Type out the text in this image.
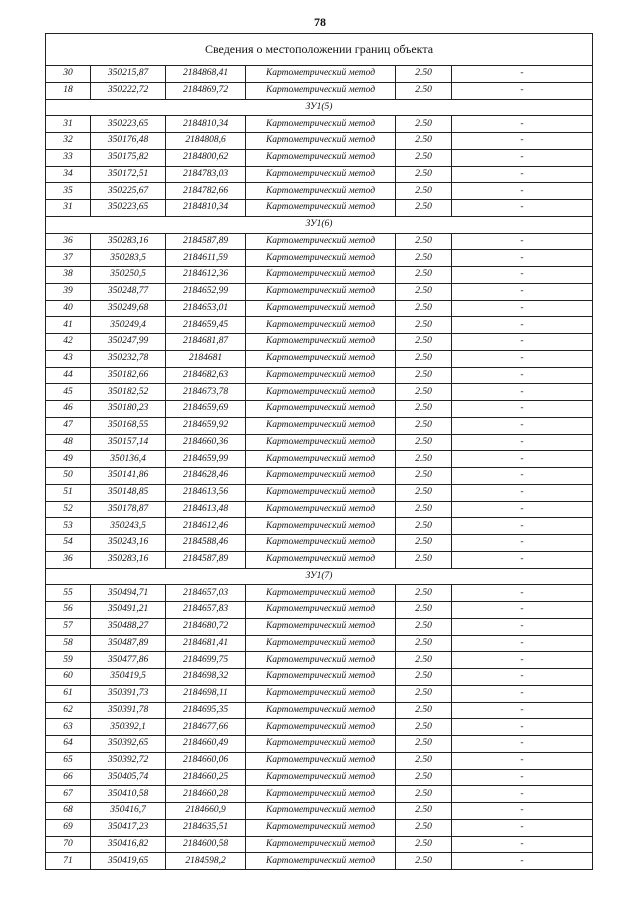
78
Сведения о местоположении границ объекта					
30	350215,87	2184868,41	Картометрический метод	2.50	-
18	350222,72	2184869,72	Картометрический метод	2.50	-
ЗУ1(5)					
31	350223,65	2184810,34	Картометрический метод	2.50	-
32	350176,48	2184808,6	Картометрический метод	2.50	-
33	350175,82	2184800,62	Картометрический метод	2.50	-
34	350172,51	2184783,03	Картометрический метод	2.50	-
35	350225,67	2184782,66	Картометрический метод	2.50	-
31	350223,65	2184810,34	Картометрический метод	2.50	-
ЗУ1(6)					
36	350283,16	2184587,89	Картометрический метод	2.50	-
37	350283,5	2184611,59	Картометрический метод	2.50	-
38	350250,5	2184612,36	Картометрический метод	2.50	-
39	350248,77	2184652,99	Картометрический метод	2.50	-
40	350249,68	2184653,01	Картометрический метод	2.50	-
41	350249,4	2184659,45	Картометрический метод	2.50	-
42	350247,99	2184681,87	Картометрический метод	2.50	-
43	350232,78	2184681	Картометрический метод	2.50	-
44	350182,66	2184682,63	Картометрический метод	2.50	-
45	350182,52	2184673,78	Картометрический метод	2.50	-
46	350180,23	2184659,69	Картометрический метод	2.50	-
47	350168,55	2184659,92	Картометрический метод	2.50	-
48	350157,14	2184660,36	Картометрический метод	2.50	-
49	350136,4	2184659,99	Картометрический метод	2.50	-
50	350141,86	2184628,46	Картометрический метод	2.50	-
51	350148,85	2184613,56	Картометрический метод	2.50	-
52	350178,87	2184613,48	Картометрический метод	2.50	-
53	350243,5	2184612,46	Картометрический метод	2.50	-
54	350243,16	2184588,46	Картометрический метод	2.50	-
36	350283,16	2184587,89	Картометрический метод	2.50	-
ЗУ1(7)					
55	350494,71	2184657,03	Картометрический метод	2.50	-
56	350491,21	2184657,83	Картометрический метод	2.50	-
57	350488,27	2184680,72	Картометрический метод	2.50	-
58	350487,89	2184681,41	Картометрический метод	2.50	-
59	350477,86	2184699,75	Картометрический метод	2.50	-
60	350419,5	2184698,32	Картометрический метод	2.50	-
61	350391,73	2184698,11	Картометрический метод	2.50	-
62	350391,78	2184695,35	Картометрический метод	2.50	-
63	350392,1	2184677,66	Картометрический метод	2.50	-
64	350392,65	2184660,49	Картометрический метод	2.50	-
65	350392,72	2184660,06	Картометрический метод	2.50	-
66	350405,74	2184660,25	Картометрический метод	2.50	-
67	350410,58	2184660,28	Картометрический метод	2.50	-
68	350416,7	2184660,9	Картометрический метод	2.50	-
69	350417,23	2184635,51	Картометрический метод	2.50	-
70	350416,82	2184600,58	Картометрический метод	2.50	-
71	350419,65	2184598,2	Картометрический метод	2.50	-
